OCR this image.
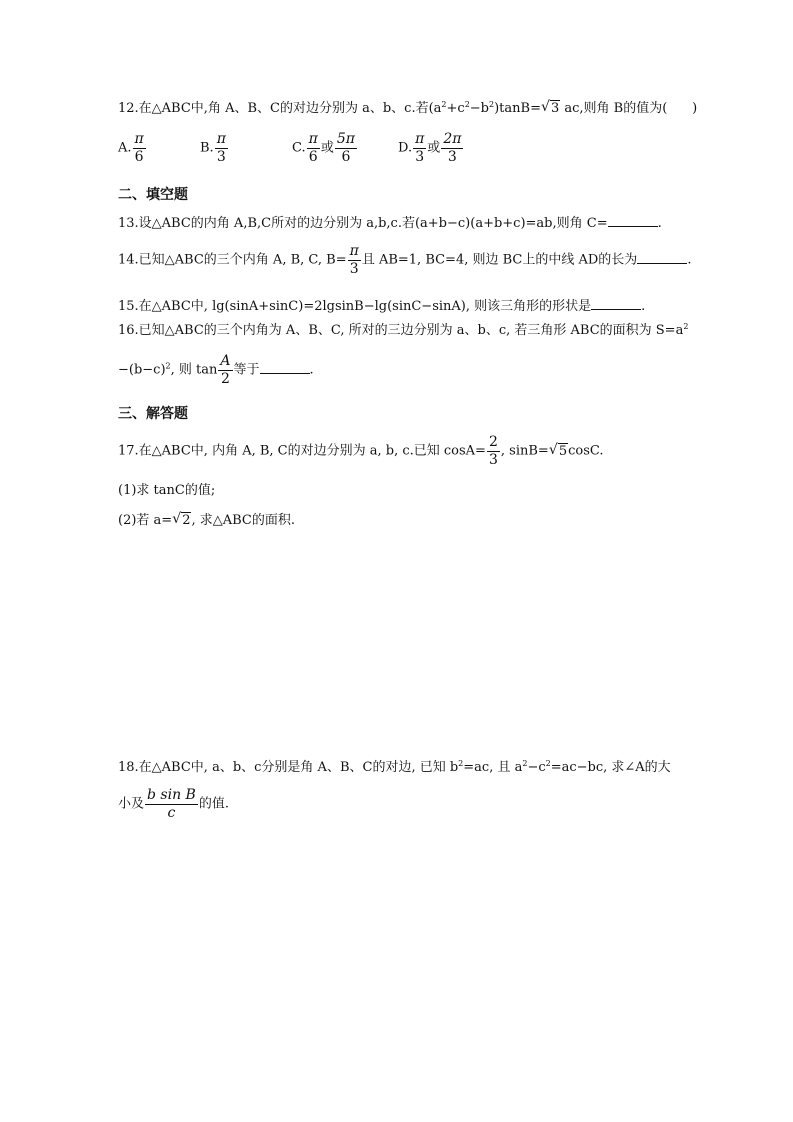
12.在△ABC中,角 A、B、C的对边分别为 a、b、c.若$(a^2+c^2-b^2)\tan B=√$ 3 ac,则角 B的值为( )
A. $\frac{\pi}{6}$	B. $\frac{\pi}{3}$	C. $\frac{\pi}{6}$ 或 $\frac{5\pi}{6}$	D. $\frac{\pi}{3}$ 或 $\frac{2\pi}{3}$
二、填空题
13.设△ABC的内角 A,B,C所对的边分别为 a,b,c.若(a+b−c)(a+b+c)=ab,则角 C=	.
14.已知△ABC的三个内角 A, B, C, $B= \frac{\pi}{3}$ 且 AB=1, BC=4, 则边 BC上的中线 AD的长为	.
15.在△ABC中, lg(sinA+sinC)=2lgsinB−lg(sinC−sinA), 则该三角形的形状是	.
16.已知△ABC的三个内角为 A、B、C, 所对的三边分别为 a、b、c, 若三角形 ABC的面积为 $S=a^2$
$-(b-c)^2$, 则 $\tan \frac{A}{2}$ 等于	.
三、解答题
17.在△ABC中, 内角 A, B, C的对边分别为 a, b, c.已知 $\cos A= \frac{2}{3}$ , sinB=√ 5cosC.
(1)求 tanC的值;
(2)若 a=√ 2, 求△ABC的面积.
18.在△ABC中, a、b、c分别是角 A、B、C的对边, 已知 $b^2=ac$, 且 $a^2-c^2=ac-bc$, 求∠A的大
小及 $\frac{\text{b sin B}}{c}$ 的值.
